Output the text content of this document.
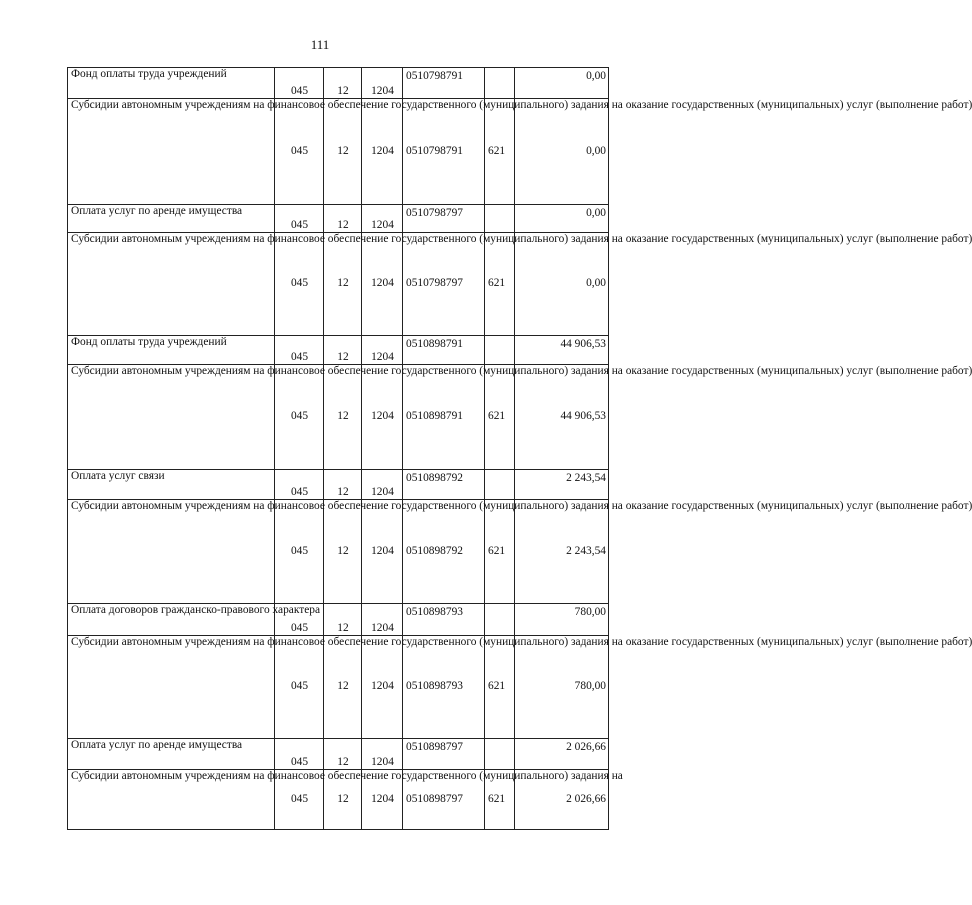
111
Фонд оплаты труда учреждений	045	12	1204	0510798791		0,00
Субсидии автономным учреждениям на финансовое обеспечение государственного (муниципального) задания на оказание государственных (муниципальных) услуг (выполнение работ)	045	12	1204	0510798791	621	0,00
Оплата услуг по аренде имущества	045	12	1204	0510798797		0,00
Субсидии автономным учреждениям на финансовое обеспечение государственного (муниципального) задания на оказание государственных (муниципальных) услуг (выполнение работ)	045	12	1204	0510798797	621	0,00
Фонд оплаты труда учреждений	045	12	1204	0510898791		44 906,53
Субсидии автономным учреждениям на финансовое обеспечение государственного (муниципального) задания на оказание государственных (муниципальных) услуг (выполнение работ)	045	12	1204	0510898791	621	44 906,53
Оплата услуг связи	045	12	1204	0510898792		2 243,54
Субсидии автономным учреждениям на финансовое обеспечение государственного (муниципального) задания на оказание государственных (муниципальных) услуг (выполнение работ)	045	12	1204	0510898792	621	2 243,54
Оплата договоров гражданско-правового характера	045	12	1204	0510898793		780,00
Субсидии автономным учреждениям на финансовое обеспечение государственного (муниципального) задания на оказание государственных (муниципальных) услуг (выполнение работ)	045	12	1204	0510898793	621	780,00
Оплата услуг по аренде имущества	045	12	1204	0510898797		2 026,66
Субсидии автономным учреждениям на финансовое обеспечение государственного (муниципального) задания на	045	12	1204	0510898797	621	2 026,66
